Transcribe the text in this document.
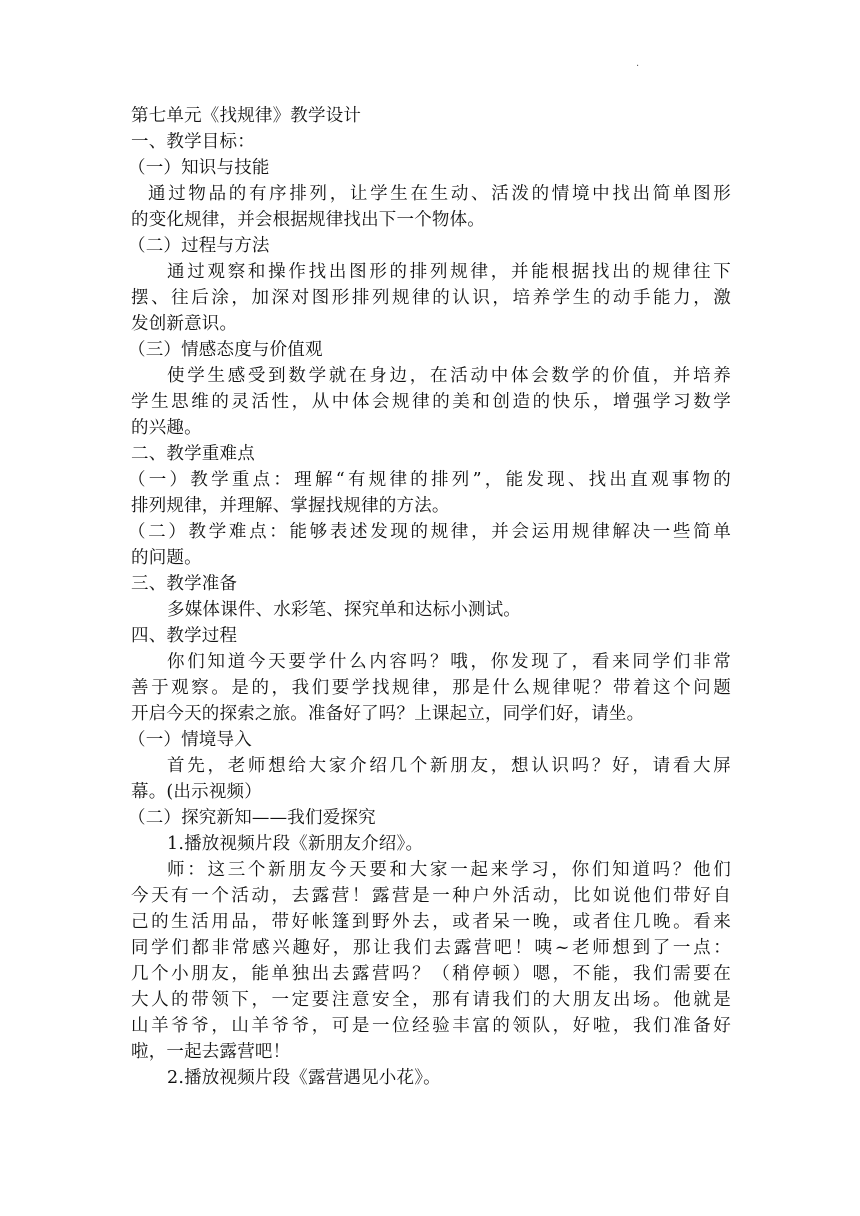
.
第七单元《找规律》教学设计
一、教学目标：
（一）知识与技能
通过物品的有序排列，让学生在生动、活泼的情境中找出简单图形
的变化规律，并会根据规律找出下一个物体。
（二）过程与方法
通过观察和操作找出图形的排列规律，并能根据找出的规律往下
摆、往后涂，加深对图形排列规律的认识，培养学生的动手能力，激
发创新意识。
（三）情感态度与价值观
使学生感受到数学就在身边，在活动中体会数学的价值，并培养
学生思维的灵活性，从中体会规律的美和创造的快乐，增强学习数学
的兴趣。
二、教学重难点
（一）教学重点：理解“有规律的排列”，能发现、找出直观事物的
排列规律，并理解、掌握找规律的方法。
（二）教学难点：能够表述发现的规律，并会运用规律解决一些简单
的问题。
三、教学准备
多媒体课件、水彩笔、探究单和达标小测试。
四、教学过程
你们知道今天要学什么内容吗？哦，你发现了，看来同学们非常
善于观察。是的，我们要学找规律，那是什么规律呢？带着这个问题
开启今天的探索之旅。准备好了吗？上课起立，同学们好，请坐。
（一）情境导入
首先，老师想给大家介绍几个新朋友，想认识吗？好，请看大屏
幕。(出示视频）
（二）探究新知——我们爱探究
1.播放视频片段《新朋友介绍》。
师：这三个新朋友今天要和大家一起来学习，你们知道吗？他们
今天有一个活动，去露营！露营是一种户外活动，比如说他们带好自
己的生活用品，带好帐篷到野外去，或者呆一晚，或者住几晚。看来
同学们都非常感兴趣好，那让我们去露营吧！咦~老师想到了一点：
几个小朋友，能单独出去露营吗？（稍停顿）嗯，不能，我们需要在
大人的带领下，一定要注意安全，那有请我们的大朋友出场。他就是
山羊爷爷，山羊爷爷，可是一位经验丰富的领队，好啦，我们准备好
啦，一起去露营吧！
2.播放视频片段《露营遇见小花》。
